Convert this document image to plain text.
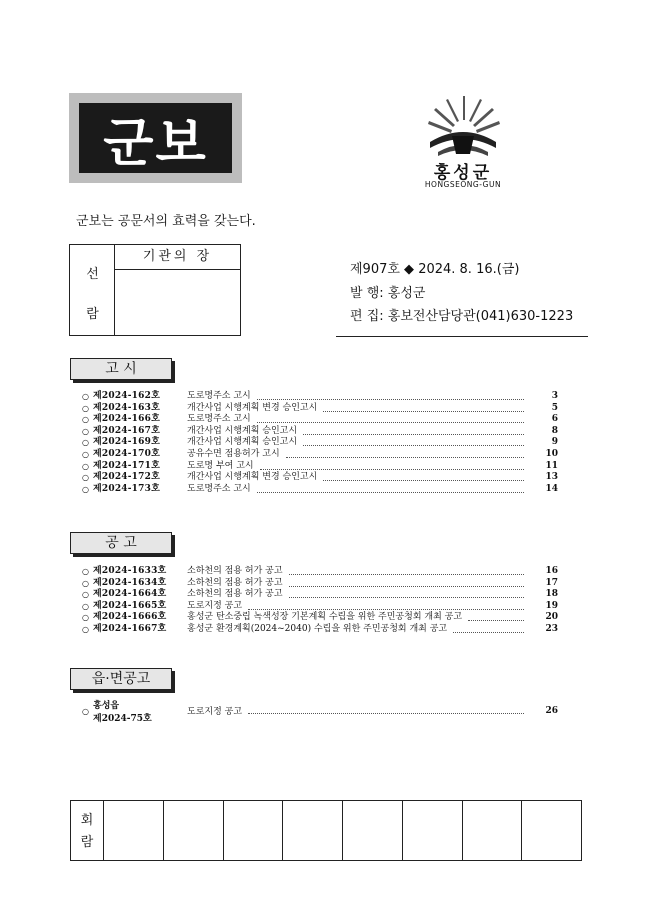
군보	홍성군
HONGSEONG-GUN
군보는 공문서의 효력을 갖는다.
선
람
기관의 장
제907호 ◆ 2024. 8. 16.(금)
발 행: 홍성군
편 집: 홍보전산담당관(041)630-1223
고 시
○ 제2024-162호	도로명주소 고시	3
○ 제2024-163호	개간사업 시행계획 변경 승인고시	5
○ 제2024-166호	도로명주소 고시	6
○ 제2024-167호	개간사업 시행계획 승인고시	8
○ 제2024-169호	개간사업 시행계획 승인고시	9
○ 제2024-170호	공유수면 점용허가 고시	10
○ 제2024-171호	도로명 부여 고시	11
○ 제2024-172호	개간사업 시행계획 변경 승인고시	13
○ 제2024-173호	도로명주소 고시	14
공 고
○ 제2024-1633호	소하천의 점용 허가 공고	16
○ 제2024-1634호	소하천의 점용 허가 공고	17
○ 제2024-1664호	소하천의 점용 허가 공고	18
○ 제2024-1665호	도로지정 공고	19
○ 제2024-1666호	홍성군 탄소중립 녹색성장 기본계획 수립을 위한 주민공청회 개최 공고	20
○ 제2024-1667호	홍성군 환경계획(2024~2040) 수립을 위한 주민공청회 개최 공고	23
읍·면공고
○
홍성읍
제2024-75호
도로지정 공고	26
회
람
